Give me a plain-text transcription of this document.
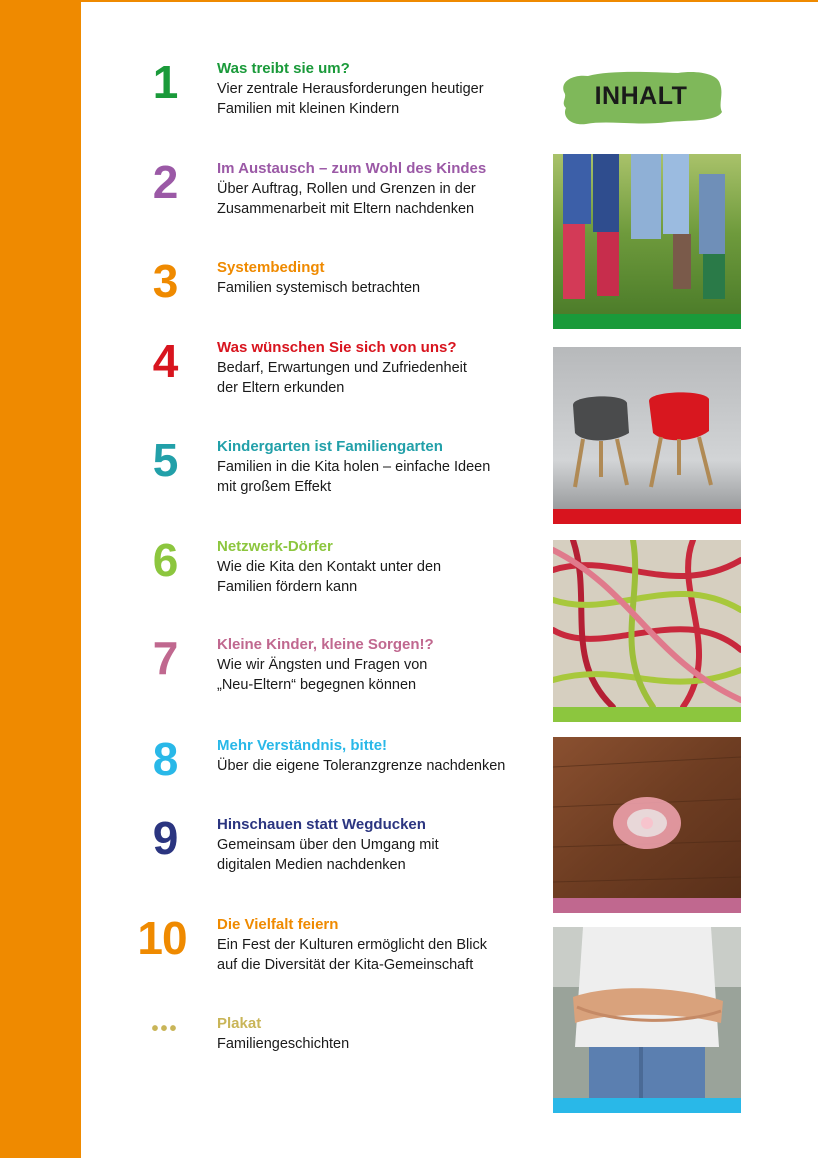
INHALT
1	Was treibt sie um?
Vier zentrale Herausforderungen heutiger
Familien mit kleinen Kindern
2	Im Austausch – zum Wohl des Kindes
Über Auftrag, Rollen und Grenzen in der
Zusammenarbeit mit Eltern nachdenken
3	Systembedingt
Familien systemisch betrachten
4	Was wünschen Sie sich von uns?
Bedarf, Erwartungen und Zufriedenheit
der Eltern erkunden
5	Kindergarten ist Familiengarten
Familien in die Kita holen – einfache Ideen
mit großem Effekt
6	Netzwerk-Dörfer
Wie die Kita den Kontakt unter den
Familien fördern kann
7	Kleine Kinder, kleine Sorgen!?
Wie wir Ängsten und Fragen von
„Neu-Eltern“ begegnen können
8	Mehr Verständnis, bitte!
Über die eigene Toleranzgrenze nachdenken
9	Hinschauen statt Wegducken
Gemeinsam über den Umgang mit
digitalen Medien nachdenken
10	Die Vielfalt feiern
Ein Fest der Kulturen ermöglicht den Blick
auf die Diversität der Kita-Gemeinschaft
•••	Plakat
Familiengeschichten
